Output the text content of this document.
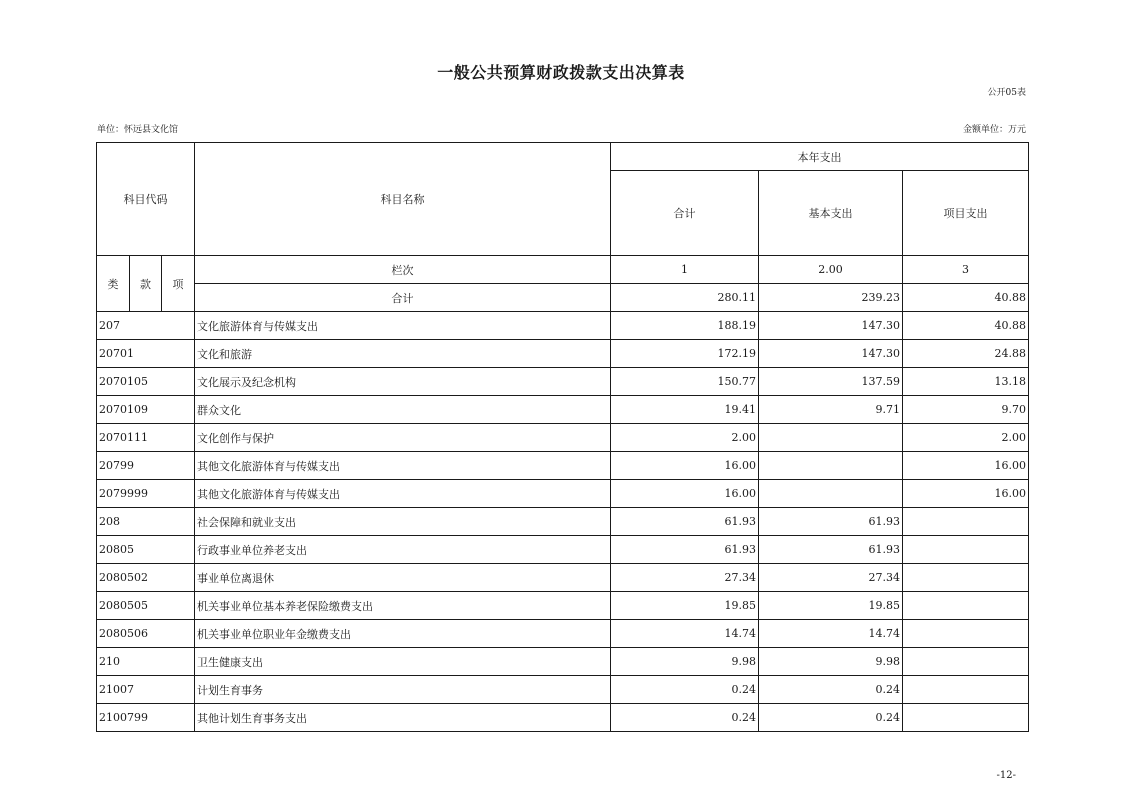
一般公共预算财政拨款支出决算表
公开05表
单位：怀远县文化馆	金额单位：万元
科目代码			科目名称	本年支出		
				合计	基本支出	项目支出
类	款	项	栏次	1	2.00	3
			合计	280.11	239.23	40.88
207			文化旅游体育与传媒支出	188.19	147.30	40.88
20701			文化和旅游	172.19	147.30	24.88
2070105			文化展示及纪念机构	150.77	137.59	13.18
2070109			群众文化	19.41	9.71	9.70
2070111			文化创作与保护	2.00		2.00
20799			其他文化旅游体育与传媒支出	16.00		16.00
2079999			其他文化旅游体育与传媒支出	16.00		16.00
208			社会保障和就业支出	61.93	61.93	
20805			行政事业单位养老支出	61.93	61.93	
2080502			事业单位离退休	27.34	27.34	
2080505			机关事业单位基本养老保险缴费支出	19.85	19.85	
2080506			机关事业单位职业年金缴费支出	14.74	14.74	
210			卫生健康支出	9.98	9.98	
21007			计划生育事务	0.24	0.24	
2100799			其他计划生育事务支出	0.24	0.24	
-12-
